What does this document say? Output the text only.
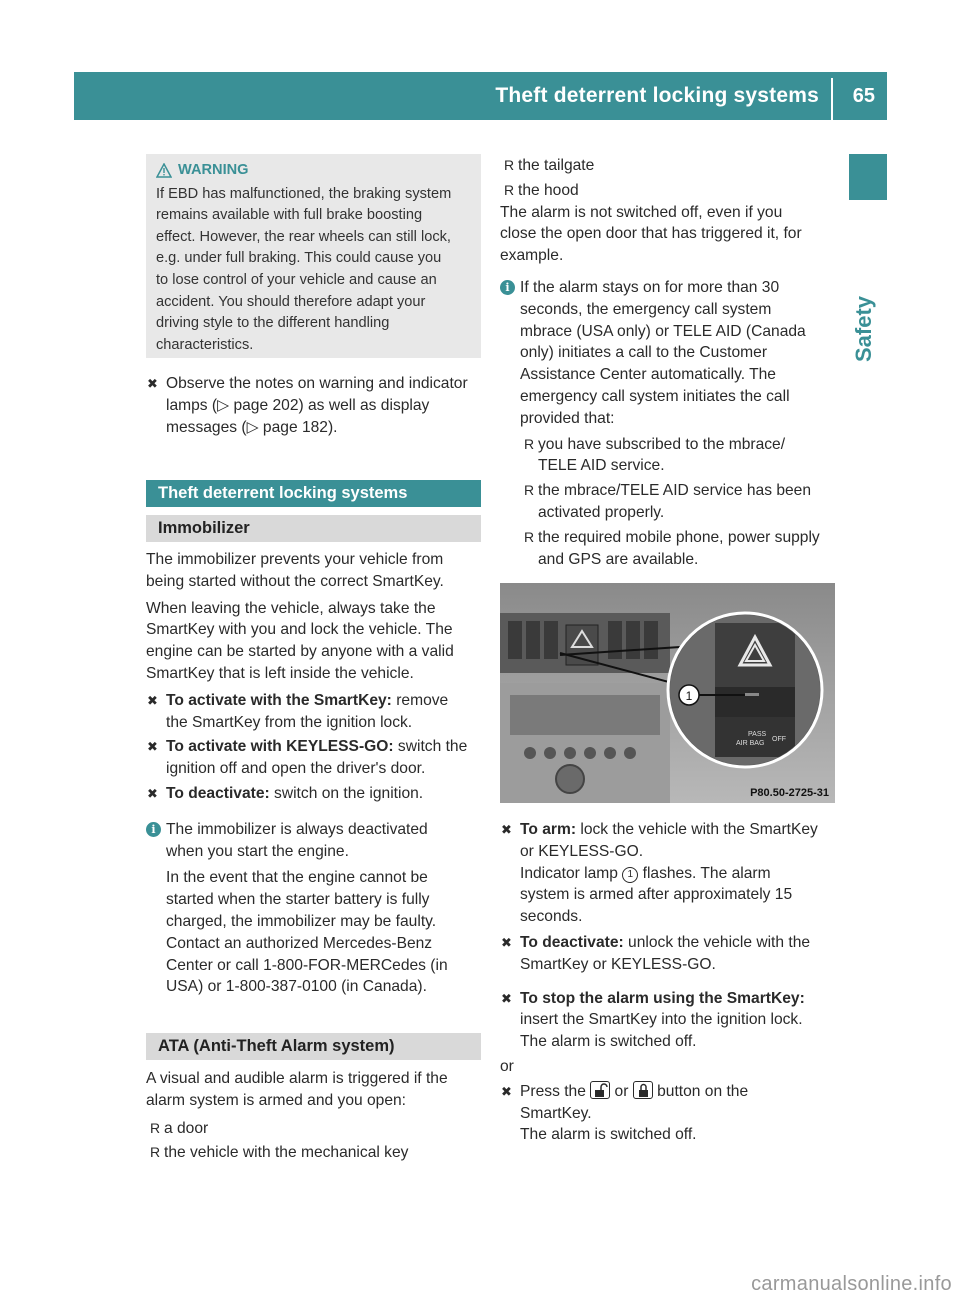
Theft deterrent locking systems 65
Safety
WARNING
If EBD has malfunctioned, the braking system
remains available with full brake boosting
effect. However, the rear wheels can still lock,
e.g. under full braking. This could cause you
to lose control of your vehicle and cause an
accident. You should therefore adapt your
driving style to the different handling
characteristics.
✖ Observe the notes on warning and indicator
lamps (▷ page 202) as well as display
messages (▷ page 182).
Theft deterrent locking systems
Immobilizer
The immobilizer prevents your vehicle from
being started without the correct SmartKey.
When leaving the vehicle, always take the
SmartKey with you and lock the vehicle. The
engine can be started by anyone with a valid
SmartKey that is left inside the vehicle.
✖ To activate with the SmartKey: remove
the SmartKey from the ignition lock.
✖ To activate with KEYLESS-GO: switch the
ignition off and open the driver's door.
✖ To deactivate: switch on the ignition.
i The immobilizer is always deactivated
when you start the engine.
In the event that the engine cannot be
started when the starter battery is fully
charged, the immobilizer may be faulty.
Contact an authorized Mercedes-Benz
Center or call 1-800-FOR-MERCedes (in
USA) or 1-800-387-0100 (in Canada).
ATA (Anti-Theft Alarm system)
A visual and audible alarm is triggered if the
alarm system is armed and you open:
R a door
R the vehicle with the mechanical key
R the tailgate
R the hood
The alarm is not switched off, even if you
close the open door that has triggered it, for
example.
i If the alarm stays on for more than 30
seconds, the emergency call system
mbrace (USA only) or TELE AID (Canada
only) initiates a call to the Customer
Assistance Center automatically. The
emergency call system initiates the call
provided that:
R you have subscribed to the mbrace/
TELE AID service.
R the mbrace/TELE AID service has been
activated properly.
R the required mobile phone, power supply
and GPS are available.
1
PASS
AIR BAG
OFF
P80.50-2725-31
✖ To arm: lock the vehicle with the SmartKey
or KEYLESS-GO.
Indicator lamp 1 flashes. The alarm
system is armed after approximately 15
seconds.
✖ To deactivate: unlock the vehicle with the
SmartKey or KEYLESS-GO.
✖ To stop the alarm using the SmartKey:
insert the SmartKey into the ignition lock.
The alarm is switched off.
or
✖ Press the
or
button on the
SmartKey.
The alarm is switched off.
carmanualsonline.info
